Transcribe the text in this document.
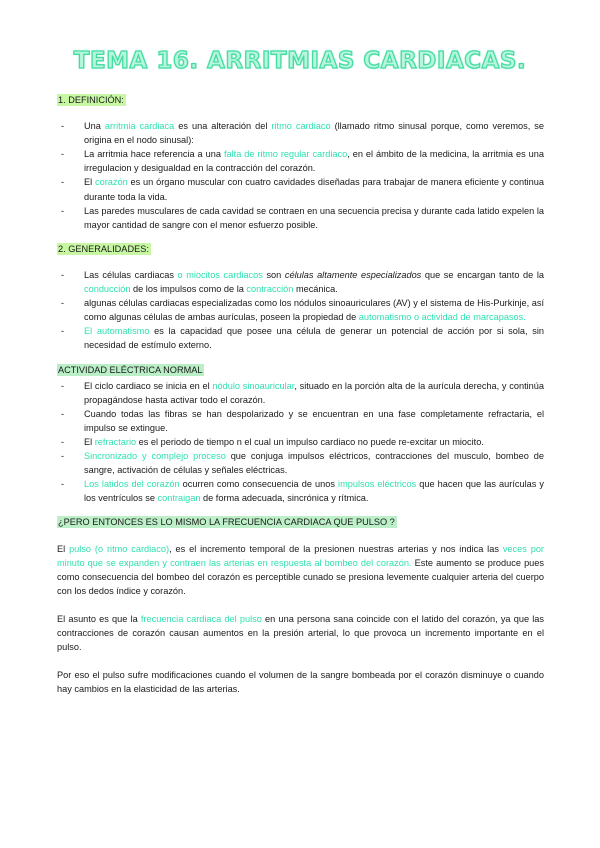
TEMA 16. ARRITMIAS CARDIACAS.
1. DEFINICIÓN:
- Una arritmia cardiaca es una alteración del ritmo cardiaco (llamado ritmo sinusal porque, como veremos, se origina en el nodo sinusal):
- La arritmia hace referencia a una falta de ritmo regular cardiaco, en el ámbito de la medicina, la arritmia es una irregulacion y desigualdad en la contracción del corazón.
- El corazón es un órgano muscular con cuatro cavidades diseñadas para trabajar de manera eficiente y continua durante toda la vida.
- Las paredes musculares de cada cavidad se contraen en una secuencia precisa y durante cada latido expelen la mayor cantidad de sangre con el menor esfuerzo posible.
2. GENERALIDADES:
- Las células cardiacas o miocitos cardiacos son células altamente especializados que se encargan tanto de la conducción de los impulsos como de la contracción mecánica.
- algunas células cardiacas especializadas como los nódulos sinoauriculares (AV) y el sistema de His-Purkinje, así como algunas células de ambas aurículas, poseen la propiedad de automatismo o actividad de marcapasos.
- El automatismo es la capacidad que posee una célula de generar un potencial de acción por si sola, sin necesidad de estímulo externo.
ACTIVIDAD ELÉCTRICA NORMAL
- El ciclo cardiaco se inicia en el nódulo sinoauricular, situado en la porción alta de la aurícula derecha, y continúa propagándose hasta activar todo el corazón.
- Cuando todas las fibras se han despolarizado y se encuentran en una fase completamente refractaria, el impulso se extingue.
- El refractario es el periodo de tiempo n el cual un impulso cardiaco no puede re-excitar un miocito.
- Sincronizado y complejo proceso que conjuga impulsos eléctricos, contracciones del musculo, bombeo de sangre, activación de células y señales eléctricas.
- Los latidos del corazón ocurren como consecuencia de unos impulsos eléctricos que hacen que las aurículas y los ventrículos se contraigan de forma adecuada, sincrónica y rítmica.
¿PERO ENTONCES ES LO MISMO LA FRECUENCIA CARDIACA QUE PULSO ?

El pulso (o ritmo cardiaco), es el incremento temporal de la presionen nuestras arterias y nos indica las veces por minuto que se expanden y contraen las arterias en respuesta al bombeo del corazón. Este aumento se produce pues como consecuencia del bombeo del corazón es perceptible cunado se presiona levemente cualquier arteria del cuerpo con los dedos índice y corazón.

El asunto es que la frecuencia cardiaca del pulso en una persona sana coincide con el latido del corazón, ya que las contracciones de corazón causan aumentos en la presión arterial, lo que provoca un incremento importante en el pulso.

Por eso el pulso sufre modificaciones cuando el volumen de la sangre bombeada por el corazón disminuye o cuando hay cambios en la elasticidad de las arterias.
